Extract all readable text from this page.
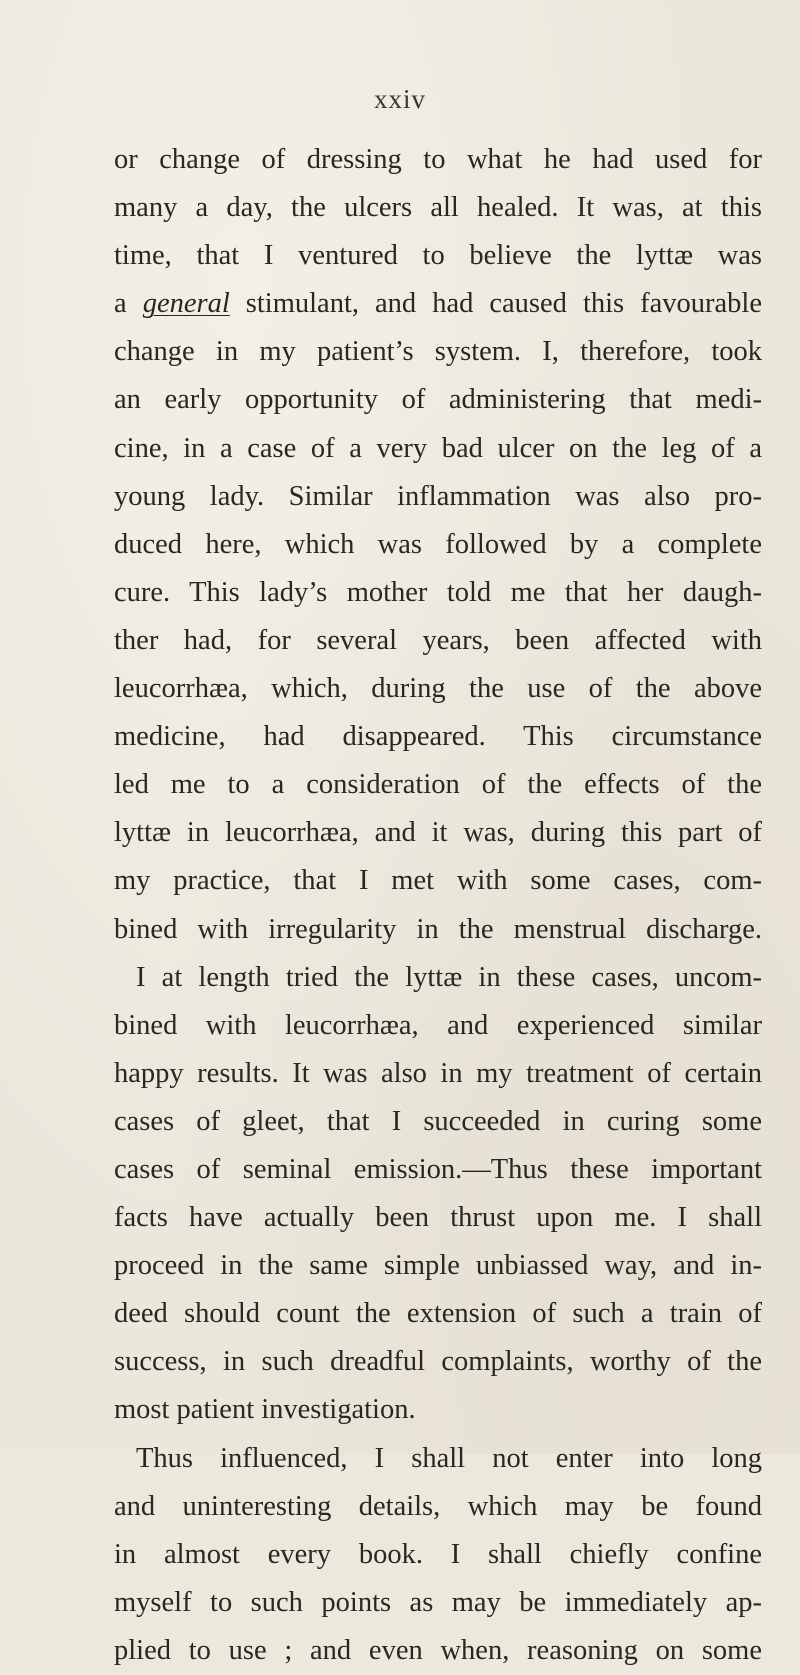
xxiv
or change of dressing to what he had used for
many a day, the ulcers all healed. It was, at this
time, that I ventured to believe the lyttæ was
a general stimulant, and had caused this favourable
change in my patient’s system. I, therefore, took
an early opportunity of administering that medi-
cine, in a case of a very bad ulcer on the leg of a
young lady. Similar inflammation was also pro-
duced here, which was followed by a complete
cure. This lady’s mother told me that her daugh-
ther had, for several years, been affected with
leucorrhæa, which, during the use of the above
medicine, had disappeared. This circumstance
led me to a consideration of the effects of the
lyttæ in leucorrhæa, and it was, during this part of
my practice, that I met with some cases, com-
bined with irregularity in the menstrual discharge.
I at length tried the lyttæ in these cases, uncom-
bined with leucorrhæa, and experienced similar
happy results. It was also in my treatment of certain
cases of gleet, that I succeeded in curing some
cases of seminal emission.—Thus these important
facts have actually been thrust upon me. I shall
proceed in the same simple unbiassed way, and in-
deed should count the extension of such a train of
success, in such dreadful complaints, worthy of the
most patient investigation.
Thus influenced, I shall not enter into long
and uninteresting details, which may be found
in almost every book. I shall chiefly confine
myself to such points as may be immediately ap-
plied to use ; and even when, reasoning on some
